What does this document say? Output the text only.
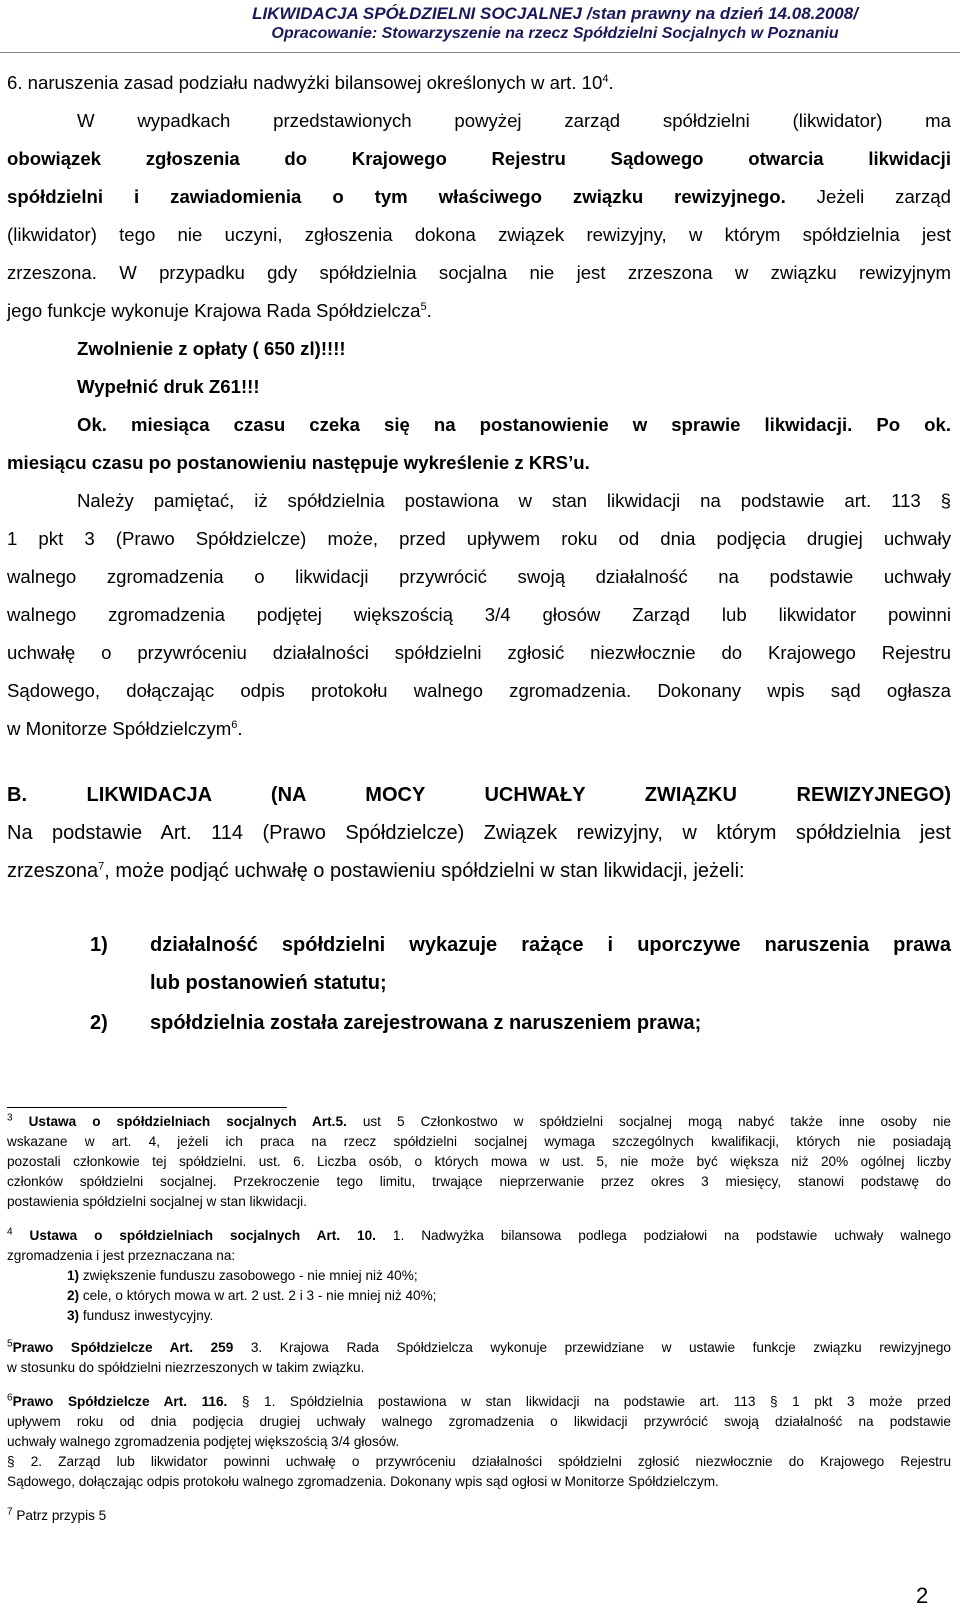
LIKWIDACJA SPÓŁDZIELNI SOCJALNEJ /stan prawny na dzień 14.08.2008/
Opracowanie: Stowarzyszenie na rzecz Spółdzielni Socjalnych w Poznaniu
6. naruszenia zasad podziału nadwyżki bilansowej określonych w art. $10^4$.
W wypadkach przedstawionych powyżej zarząd spółdzielni (likwidator) ma
obowiązek zgłoszenia do Krajowego Rejestru Sądowego otwarcia likwidacji
spółdzielni i zawiadomienia o tym właściwego związku rewizyjnego. Jeżeli zarząd
(likwidator) tego nie uczyni, zgłoszenia dokona związek rewizyjny, w którym spółdzielnia jest
zrzeszona. W przypadku gdy spółdzielnia socjalna nie jest zrzeszona w związku rewizyjnym
jego funkcje wykonuje Krajowa Rada Spółdzielcza$^5$.
Zwolnienie z opłaty ( 650 zl)!!!!
Wypełnić druk Z61!!!
Ok. miesiąca czasu czeka się na postanowienie w sprawie likwidacji. Po ok.
miesiącu czasu po postanowieniu następuje wykreślenie z KRS’u.
Należy pamiętać, iż spółdzielnia postawiona w stan likwidacji na podstawie art. 113 §
1 pkt 3 (Prawo Spółdzielcze) może, przed upływem roku od dnia podjęcia drugiej uchwały
walnego zgromadzenia o likwidacji przywrócić swoją działalność na podstawie uchwały
walnego zgromadzenia podjętej większością 3/4 głosów Zarząd lub likwidator powinni
uchwałę o przywróceniu działalności spółdzielni zgłosić niezwłocznie do Krajowego Rejestru
Sądowego, dołączając odpis protokołu walnego zgromadzenia. Dokonany wpis sąd ogłasza
w Monitorze Spółdzielczym$^6$.
B. LIKWIDACJA (NA MOCY UCHWAŁY ZWIĄZKU REWIZYJNEGO)
Na podstawie Art. 114 (Prawo Spółdzielcze) Związek rewizyjny, w którym spółdzielnia jest
zrzeszona$^7$, może podjąć uchwałę o postawieniu spółdzielni w stan likwidacji, jeżeli:
1)	działalność spółdzielni wykazuje rażące i uporczywe naruszenia prawa
lub postanowień statutu;
2)	spółdzielnia została zarejestrowana z naruszeniem prawa;
$^3$ Ustawa o spółdzielniach socjalnych Art.5. ust 5 Członkostwo w spółdzielni socjalnej mogą nabyć także inne osoby nie
wskazane w art. 4, jeżeli ich praca na rzecz spółdzielni socjalnej wymaga szczególnych kwalifikacji, których nie posiadają
pozostali członkowie tej spółdzielni. ust. 6. Liczba osób, o których mowa w ust. 5, nie może być większa niż 20% ogólnej liczby
członków spółdzielni socjalnej. Przekroczenie tego limitu, trwające nieprzerwanie przez okres 3 miesięcy, stanowi podstawę do
postawienia spółdzielni socjalnej w stan likwidacji.
$^4$ Ustawa o spółdzielniach socjalnych Art. 10. 1. Nadwyżka bilansowa podlega podziałowi na podstawie uchwały walnego
zgromadzenia i jest przeznaczana na:
1) zwiększenie funduszu zasobowego - nie mniej niż 40%;
2) cele, o których mowa w art. 2 ust. 2 i 3 - nie mniej niż 40%;
3) fundusz inwestycyjny.
$^5$Prawo Spółdzielcze Art. 259 3. Krajowa Rada Spółdzielcza wykonuje przewidziane w ustawie funkcje związku rewizyjnego
w stosunku do spółdzielni niezrzeszonych w takim związku.
$^6$Prawo Spółdzielcze Art. 116. § 1. Spółdzielnia postawiona w stan likwidacji na podstawie art. 113 § 1 pkt 3 może przed
upływem roku od dnia podjęcia drugiej uchwały walnego zgromadzenia o likwidacji przywrócić swoją działalność na podstawie
uchwały walnego zgromadzenia podjętej większością 3/4 głosów.
§ 2. Zarząd lub likwidator powinni uchwałę o przywróceniu działalności spółdzielni zgłosić niezwłocznie do Krajowego Rejestru
Sądowego, dołączając odpis protokołu walnego zgromadzenia. Dokonany wpis sąd ogłosi w Monitorze Spółdzielczym.
$^7$ Patrz przypis 5
2
